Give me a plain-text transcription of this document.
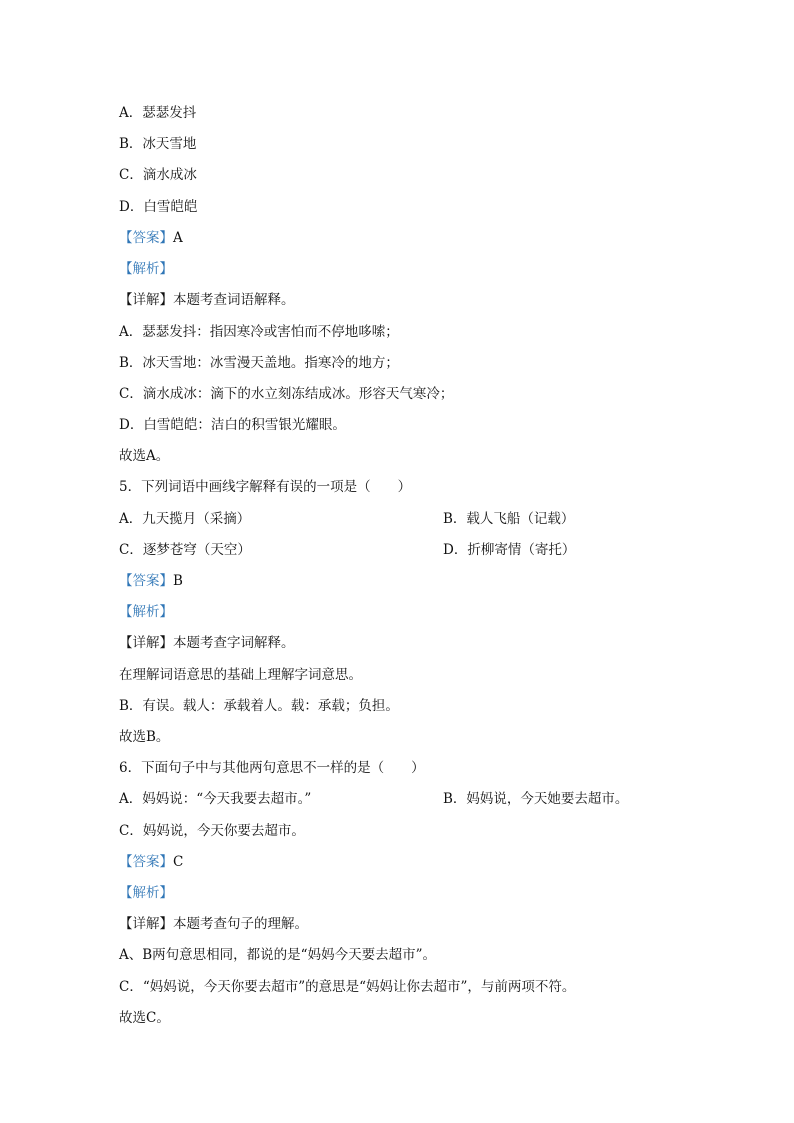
A．瑟瑟发抖
B．冰天雪地
C．滴水成冰
D．白雪皑皑
【答案】A
【解析】
【详解】本题考查词语解释。
A．瑟瑟发抖：指因寒冷或害怕而不停地哆嗦；
B．冰天雪地：冰雪漫天盖地。指寒冷的地方；
C．滴水成冰：滴下的水立刻冻结成冰。形容天气寒冷；
D．白雪皑皑：洁白的积雪银光耀眼。
故选A。
5．下列词语中画线字解释有误的一项是（　　）
A．九天揽月（采摘）	B．载人飞船（记载）
C．逐梦苍穹（天空）	D．折柳寄情（寄托）
【答案】B
【解析】
【详解】本题考查字词解释。
在理解词语意思的基础上理解字词意思。
B．有误。载人：承载着人。载：承载；负担。
故选B。
6．下面句子中与其他两句意思不一样的是（　　）
A．妈妈说：“今天我要去超市。”	B．妈妈说，今天她要去超市。
C．妈妈说，今天你要去超市。
【答案】C
【解析】
【详解】本题考查句子的理解。
A、B两句意思相同，都说的是“妈妈今天要去超市”。
C．“妈妈说，今天你要去超市”的意思是“妈妈让你去超市”，与前两项不符。
故选C。
